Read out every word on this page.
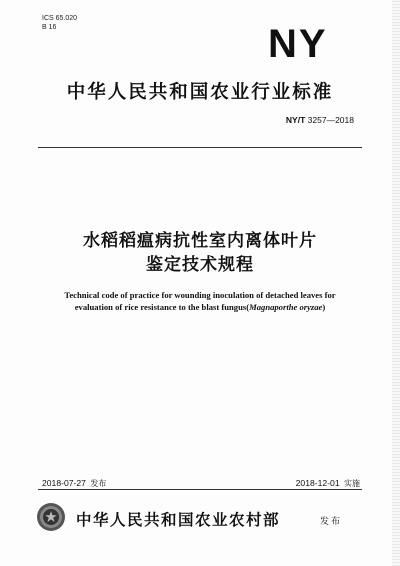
ICS 65.020
B 16	NY
中华人民共和国农业行业标准
NY/T 3257—2018
水稻稻瘟病抗性室内离体叶片
鉴定技术规程
Technical code of practice for wounding inoculation of detached leaves for
evaluation of rice resistance to the blast fungus(Magnaporthe oryzae)
2018-07-27 发布	2018-12-01 实施
中华人民共和国农业农村部	发布
